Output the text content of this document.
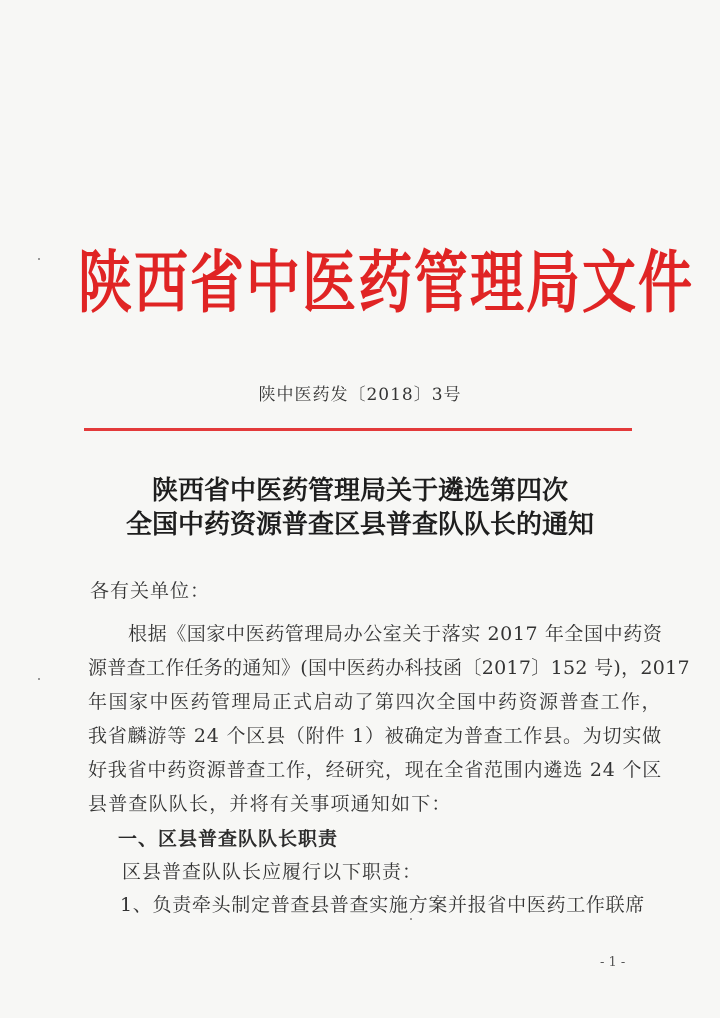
陕西省中医药管理局文件
陕中医药发〔2018〕3号
陕西省中医药管理局关于遴选第四次
全国中药资源普查区县普查队队长的通知
各有关单位：
根据《国家中医药管理局办公室关于落实 2017 年全国中药资
源普查工作任务的通知》(国中医药办科技函〔2017〕152 号)，2017
年国家中医药管理局正式启动了第四次全国中药资源普查工作，
我省麟游等 24 个区县（附件 1）被确定为普查工作县。为切实做
好我省中药资源普查工作，经研究，现在全省范围内遴选 24 个区
县普查队队长，并将有关事项通知如下：
一、区县普查队队长职责
区县普查队队长应履行以下职责：
1、负责牵头制定普查县普查实施方案并报省中医药工作联席
- 1 -
